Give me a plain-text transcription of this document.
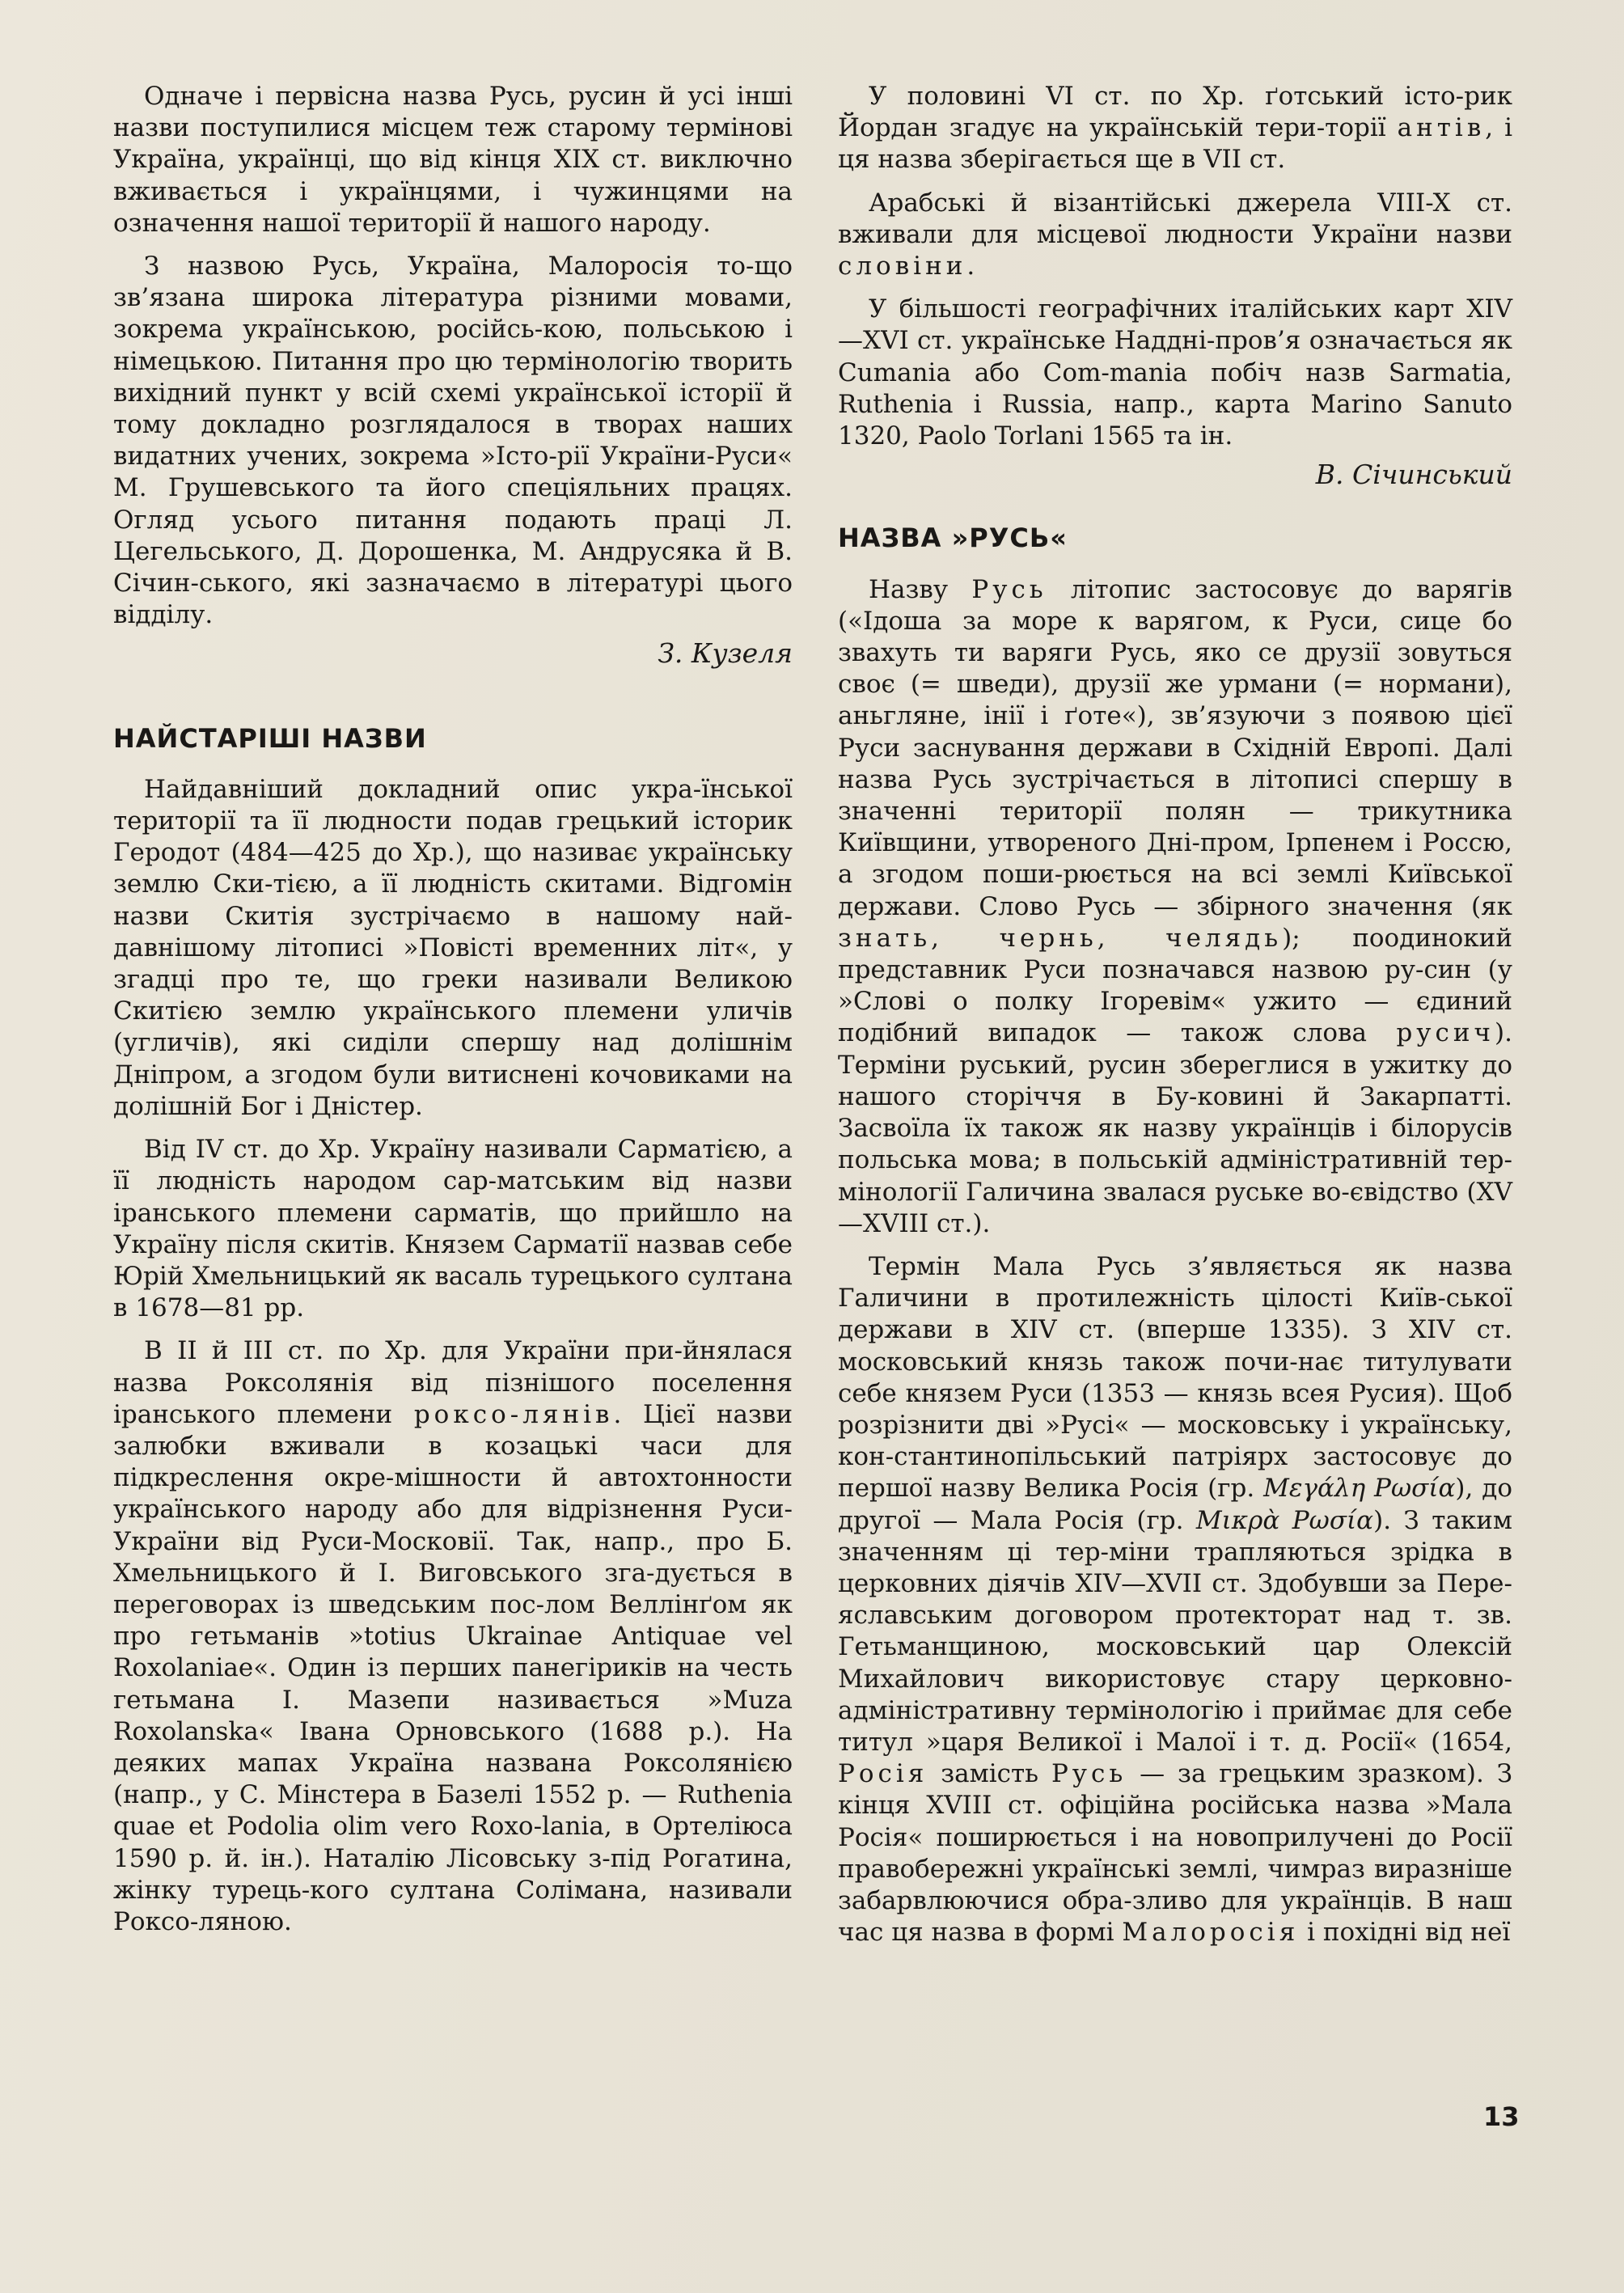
Одначе і первісна назва Русь, русин й усі інші назви поступилися місцем теж старому термінові Україна, українці, що від кінця XIX ст. виключно вживається і українцями, і чужинцями на означення нашої території й нашого народу.

З назвою Русь, Україна, Малоросія то-що зв’язана широка література різними мовами, зокрема українською, російсь-кою, польською і німецькою. Питання про цю термінологію творить вихідний пункт у всій схемі української історії й тому докладно розглядалося в творах наших видатних учених, зокрема »Істо-рії України-Руси« М. Грушевського та його спеціяльних працях. Огляд усього питання подають праці Л. Цегельського, Д. Дорошенка, М. Андрусяка й В. Січин-ського, які зазначаємо в літературі цього відділу.

З. Кузеля

НАЙСТАРІШІ НАЗВИ

Найдавніший докладний опис укра-їнської території та її людности подав грецький історик Геродот (484—425 до Хр.), що називає українську землю Ски-тією, а її людність скитами. Відгомін назви Скитія зустрічаємо в нашому най-давнішому літописі »Повісті временних літ«, у згадці про те, що греки називали Великою Скитією землю українського племени уличів (угличів), які сиділи спершу над долішнім Дніпром, а згодом були витиснені кочовиками на долішній Бог і Дністер.

Від IV ст. до Хр. Україну називали Сарматією, а її людність народом сар-матським від назви іранського племени сарматів, що прийшло на Україну після скитів. Князем Сарматії назвав себе Юрій Хмельницький як васаль турецького султана в 1678—81 рр.

В II й III ст. по Хр. для України при-йнялася назва Роксолянія від пізнішого поселення іранського племени роксо-лянів. Цієї назви залюбки вживали в козацькі часи для підкреслення окре-мішности й автохтонности українського народу або для відрізнення Руси-України від Руси-Московії. Так, напр., про Б. Хмельницького й І. Виговського зга-дується в переговорах із шведським пос-лом Веллінґом як про гетьманів »totius Ukrainae Antiquae vel Roxolaniae«. Один із перших панегіриків на честь гетьмана І. Мазепи називається »Muza Roxolanska« Івана Орновського (1688 р.). На деяких мапах Україна названа Роксолянією (напр., у С. Мінстера в Базелі 1552 р. — Ruthenia quae et Podolia olim vero Roxo-lania, в Ортеліюса 1590 р. й. ін.). Наталію Лісовську з-під Рогатина, жінку турець-кого султана Солімана, називали Роксо-ляною.

У половині VI ст. по Хр. ґотський істо-рик Йордан згадує на українській тери-торії антів, і ця назва зберігається ще в VII ст.

Арабські й візантійські джерела VIII-X ст. вживали для місцевої людности України назви словіни.

У більшості географічних італійських карт XIV—XVI ст. українське Наддні-пров’я означається як Cumania або Com-mania побіч назв Sarmatia, Ruthenia і Russia, напр., карта Marino Sanuto 1320, Paolo Torlani 1565 та ін.

В. Січинський

НАЗВА »РУСЬ«

Назву Русь літопис застосовує до варягів («Ідоша за море к варягом, к Руси, сице бо звахуть ти варяги Русь, яко се друзії зовуться своє (= шведи), друзії же урмани (= нормани), аньгляне, інії і ґоте«), зв’язуючи з появою цієї Руси заснування держави в Східній Европі. Далі назва Русь зустрічається в літописі спершу в значенні території полян — трикутника Київщини, утвореного Дні-пром, Ірпенем і Россю, а згодом поши-рюється на всі землі Київської держави. Слово Русь — збірного значення (як знать, чернь, челядь); поодинокий представник Руси позначався назвою ру-син (у »Слові о полку Ігоревім« ужито — єдиний подібний випадок — також слова русич). Терміни руський, русин збереглися в ужитку до нашого сторіччя в Бу-ковині й Закарпатті. Засвоїла їх також як назву українців і білорусів польська мова; в польській адміністративній тер-мінології Галичина звалася руське во-євідство (XV—XVIII ст.).

Термін Мала Русь з’являється як назва Галичини в протилежність цілості Київ-ської держави в XIV ст. (вперше 1335). З XIV ст. московський князь також почи-нає титулувати себе князем Руси (1353 — князь всея Русия). Щоб розрізнити дві »Русі« — московську і українську, кон-стантинопільський патріярх застосовує до першої назву Велика Росія (гр. Μεγάλη Ρωσία), до другої — Мала Росія (гр. Μικρὰ Ρωσία). З таким значенням ці тер-міни трапляються зрідка в церковних діячів XIV—XVII ст. Здобувши за Пере-яславським договором протекторат над т. зв. Гетьманщиною, московський цар Олексій Михайлович використовує стару церковно-адміністративну термінологію і приймає для себе титул »царя Великої і Малої і т. д. Росії« (1654, Росія замість Русь — за грецьким зразком). З кінця XVIII ст. офіційна російська назва »Мала Росія« поширюється і на новоприлучені до Росії правобережні українські землі, чимраз виразніше забарвлюючися обра-зливо для українців. В наш час ця назва в формі Малоросія і похідні від неї

13
